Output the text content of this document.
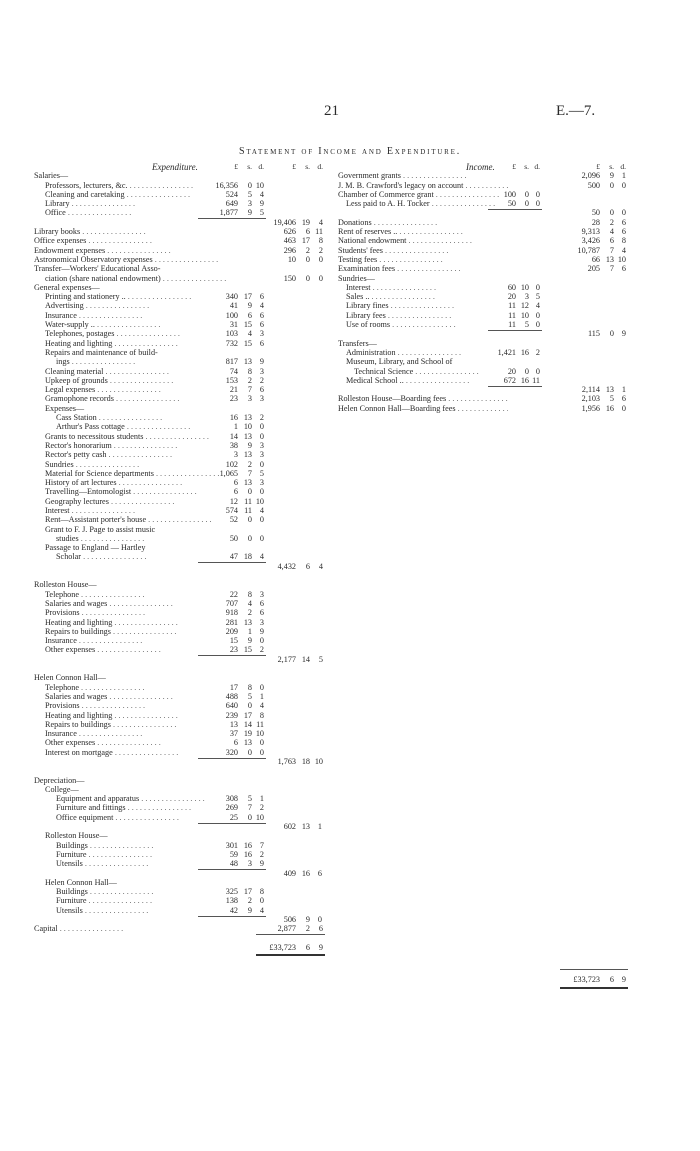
21	E.—7.
Statement of Income and Expenditure.
Expenditure.	Income.
£	s. d.	£	s. d.
Salaries—
Professors, lecturers, &c. . .	16,356	0 10
Cleaning and caretaking . .	524	5 4
Library . .	649	3 9
Office . .	1,877	9 5
19,406 19	4
Library books . .	626	6 11
Office expenses . .	463 17	8
Endowment expenses . .	296	2	2
Astronomical Observatory expenses . .	10	0	0
Transfer—Workers' Educational Asso-
ciation (share national endowment) . .	150	0	0
General expenses—
Printing and stationery .. . .	340 17 6
Advertising . .	41	9 4
Insurance . .	100	6 6
Water-supply .. . .	31 15 6
Telephones, postages . .	103	4 3
Heating and lighting . .	732 15 6
Repairs and maintenance of build-
ings . .	817 13 9
Cleaning material . .	74	8 3
Upkeep of grounds . .	153	2 2
Legal expenses . .	21	7 6
Gramophone records . .	23	3 3
Expenses—
Cass Station . .	16 13 2
Arthur's Pass cottage . .	1 10 0
Grants to necessitous students . .	14 13 0
Rector's honorarium . .	38	9 3
Rector's petty cash . .	3 13 3
Sundries . .	102	2 0
Material for Science departments . .	1,065	7 5
History of art lectures . .	6 13 3
Travelling—Entomologist . .	6	0 0
Geography lectures . .	12 11 10
Interest . .	574 11 4
Rent—Assistant porter's house . .	52	0 0
Grant to F. J. Page to assist music
studies . .	50	0 0
Passage to England — Hartley
Scholar . .	47 18 4
4,432	6	4
Rolleston House—
Telephone . .	22	8 3
Salaries and wages . .	707	4 6
Provisions . .	918	2 6
Heating and lighting . .	281 13 3
Repairs to buildings . .	209	1 9
Insurance . .	15	9 0
Other expenses . .	23 15 2
2,177 14	5
Helen Connon Hall—
Telephone . .	17	8 0
Salaries and wages . .	488	5 1
Provisions . .	640	0 4
Heating and lighting . .	239 17 8
Repairs to buildings . .	13 14 11
Insurance . .	37 19 10
Other expenses . .	6 13 0
Interest on mortgage . .	320	0 0
1,763 18 10
Depreciation—
College—
Equipment and apparatus . .	308	5 1
Furniture and fittings . .	269	7 2
Office equipment . .	25	0 10
602 13 1
Rolleston House—
Buildings . .	301 16 7
Furniture . .	59 16 2
Utensils . .	48	3 9
409 16 6
Helen Connon Hall—
Buildings . .	325 17 8
Furniture . .	138	2 0
Utensils . .	42	9 4
506	9 0
Capital . .	2,877	2	6
£33,723	6	9
£	s. d.	£	s. d.
Government grants . .	2,096	9 1
J. M. B. Crawford's legacy on account . .	500	0 0
Chamber of Commerce grant . .	100	0 0
Less paid to A. H. Tocker . .	50	0 0
50	0 0
Donations . .	28	2 6
Rent of reserves .. . .	9,313	4 6
National endowment . .	3,426	6 8
Students' fees . .	10,787	7 4
Testing fees . .	66 13 10
Examination fees . .	205	7 6
Sundries—
Interest . .	60 10 0
Sales .. . .	20	3 5
Library fines . .	11 12 4
Library fees . .	11 10 0
Use of rooms . .	11	5 0
115	0 9
Transfers—
Administration . .	1,421 16 2
Museum, Library, and School of
Technical Science . .	20	0 0
Medical School .. . .	672 16 11
2,114 13 1
Rolleston House—Boarding fees . .	2,103	5 6
Helen Connon Hall—Boarding fees . .	1,956 16 0
£33,723	6 9
